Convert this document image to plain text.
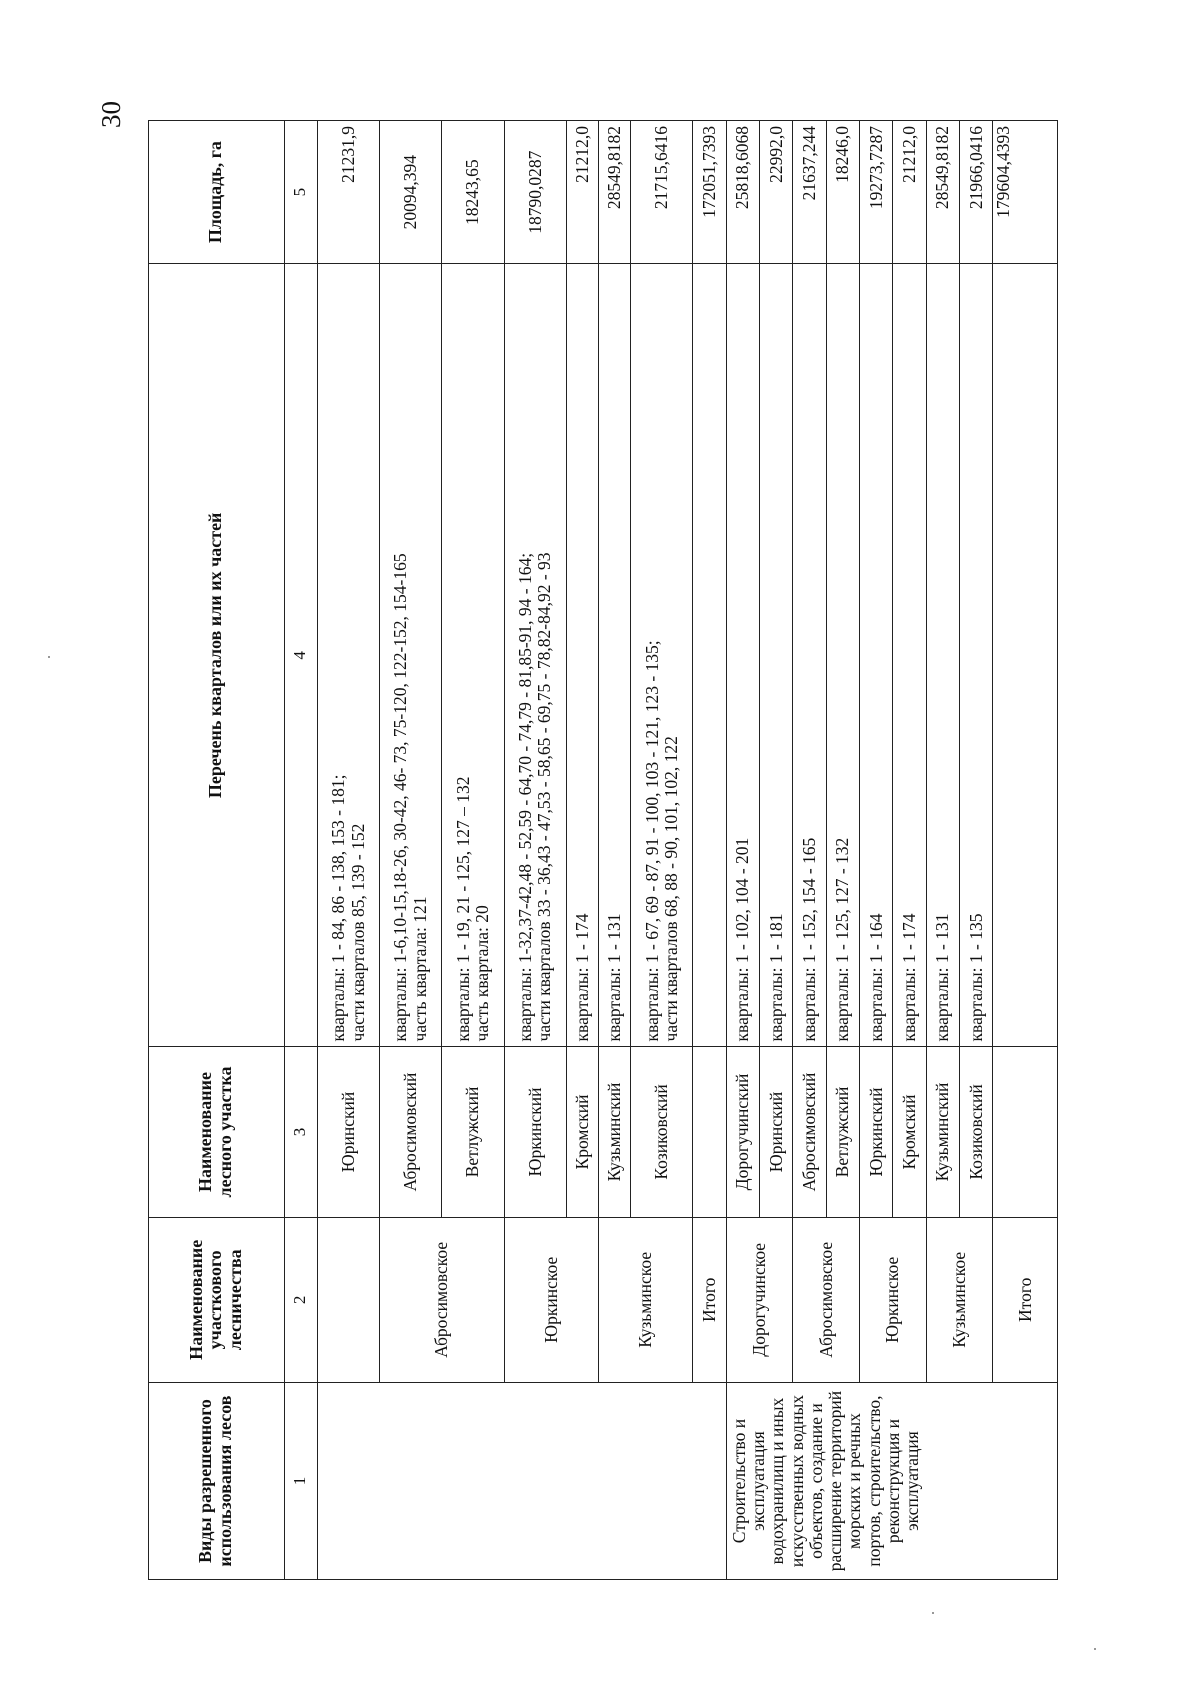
30
Виды разрешенного использования лесов	Наименование участкового лесничества	Наименование лесного участка	Перечень кварталов или их частей	Площадь, га
1	2	3	4	5
		Юринский	кварталы: 1 - 84, 86 - 138, 153 - 181;
части кварталов 85, 139 - 152	21231,9
	Абросимовское	Абросимовский	кварталы: 1-6,10-15,18-26, 30-42, 46- 73, 75-120, 122-152, 154-165
часть квартала: 121	20094,394
		Ветлужский	кварталы: 1 - 19, 21 - 125, 127 – 132
часть квартала: 20	18243,65
	Юркинское	Юркинский	кварталы: 1-32,37-42,48 - 52,59 - 64,70 - 74,79 - 81,85-91, 94 - 164;
части кварталов 33 - 36,43 - 47,53 - 58,65 - 69,75 - 78,82-84,92 - 93	18790,0287
		Кромский	кварталы: 1 - 174	21212,0
	Кузьминское	Кузьминский	кварталы: 1 - 131	28549,8182
		Козиковский	кварталы: 1 - 67, 69 - 87, 91 - 100, 103 - 121, 123 - 135;
части кварталов 68, 88 - 90, 101, 102, 122	21715,6416
	Итого			172051,7393
Строительство и эксплуатация водохранилищ и иных искусственных водных объектов, создание и расширение территорий морских и речных портов, строительство, реконструкция и эксплуатация	Дорогучинское	Дорогучинский	кварталы: 1 - 102, 104 - 201	25818,6068
		Юринский	кварталы: 1 - 181	22992,0
	Абросимовское	Абросимовский	кварталы: 1 - 152, 154 - 165	21637,244
		Ветлужский	кварталы: 1 - 125, 127 - 132	18246,0
	Юркинское	Юркинский	кварталы: 1 - 164	19273,7287
		Кромский	кварталы: 1 - 174	21212,0
	Кузьминское	Кузьминский	кварталы: 1 - 131	28549,8182
		Козиковский	кварталы: 1 - 135	21966,0416
	Итого			179604,4393
